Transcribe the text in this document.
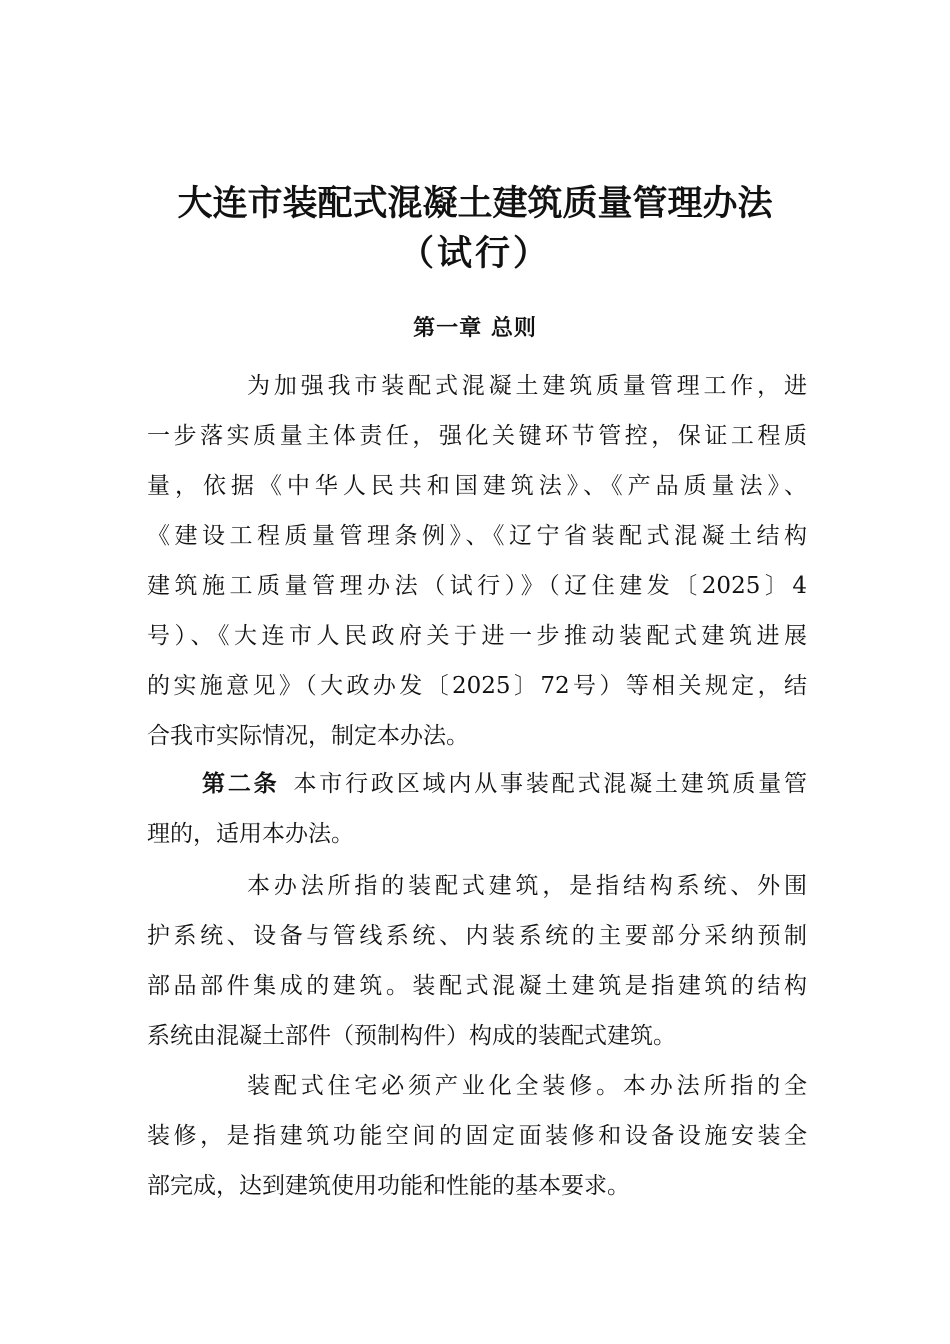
大连市装配式混凝土建筑质量管理办法
（试行）
第一章 总则
为加强我市装配式混凝土建筑质量管理工作，进
一步落实质量主体责任，强化关键环节管控，保证工程质
量，依据《中华人民共和国建筑法》、《产品质量法》、
《建设工程质量管理条例》、《辽宁省装配式混凝土结构
建筑施工质量管理办法（试行）》（辽住建发〔2025〕4
号）、《大连市人民政府关于进一步推动装配式建筑进展
的实施意见》（大政办发〔2025〕72号）等相关规定，结
合我市实际情况，制定本办法。
第二条 本市行政区域内从事装配式混凝土建筑质量管
理的，适用本办法。
本办法所指的装配式建筑，是指结构系统、外围
护系统、设备与管线系统、内装系统的主要部分采纳预制
部品部件集成的建筑。装配式混凝土建筑是指建筑的结构
系统由混凝土部件（预制构件）构成的装配式建筑。
装配式住宅必须产业化全装修。本办法所指的全
装修，是指建筑功能空间的固定面装修和设备设施安装全
部完成，达到建筑使用功能和性能的基本要求。
